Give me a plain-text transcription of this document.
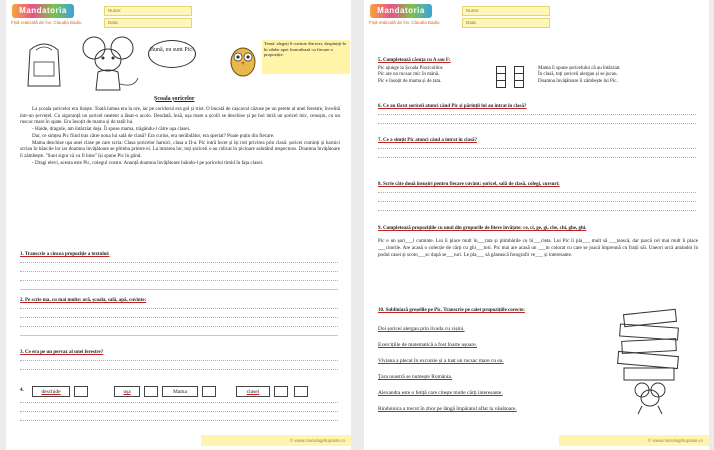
Mandatoria
Fișă realizată de înv. Claudia Badiu
Nume:
Data:
Bună, eu sunt Pic!
Temă: alegeți 6 cuvinte din text, despărțiți-le în silabe apoi formulează cu fiecare o propoziție.
Școala șoricelor

La școala șoricelor era liniște. Toată lumea era la ore, iar pe coridorul era gol și trist. O bucată de cașcaval căzuse pe un perete al unei ferestre, învelită într-un șervețel. Cu siguranță un șoricel neatent a lăsat-o acolo. Deodată, însă, ușa mare a școlii se deschise și pe hol intră un șoricel mic, cenușiu, cu un ruscac mare în spate. Era însoțit de mama și de tatăl lui.

- Haide, dragule, am întârziat deja. Îi spuse mama, trăgându-l către uşa clasei.

Dar, ce simțea Pic fiind tras către noua lui sală de clasă? Era curios, era nerăbdător, era speriat? Poate puțin din fiecare.

Mama deschise uşa unei clase pe care scria: Clasa șoricelor harnici, clasa a II-a. Pic intră încet și își roti privirea prin clasă: șoricei cuminți și harnici scriau în băncile lor iar doamna învățătoare se plimba printre ei. La intrarea lor, toți șoriceii s-au ridicat în picioare salutând respectuos. Doamna învățătoare îi zâmbește. "Sunt sigur că va fi bine" își spune Pic în gând.

- Dragi elevi, acesta este Pic, colegul vostru. Anunță doamna învățătoare luându-l pe șoricelul timid în fața clasei.

1. Transcrie a cincea propoziție a textului:
2. Pe scrie ma, cu mai multe: oră, școala, sală, apă, cuvinte:
3. Ce era pe un pervaz al unei ferestre?
4.	deschide	ușa	Mama	clasei
© www.manolagritupaste.ro
Mandatoria
Fișă realizată de înv. Claudia Badiu
Nume:
Data:
5. Completează căsuța cu A sau F:
Pic ajunge la Școala Piscicolilor.	Mama îi spune șoricelului că au întârziat.
Pic are un rucsac mic în mână.	În clasă, toți șoriceii alergau și se jucau.
Pic e însoțit de mama și de tata.	Doamna învățătoare îi zâmbește lui Pic.
6. Ce au făcut șoriceii atunci când Pic și părinții lui au intrat în clasă?
7. Ce a simțit Pic atunci când a intrat în clasă?
8. Scrie câte două însușiri pentru fiecare cuvânt: șoricel, sală de clasă, colegi, cursuri:
9. Completează propozițiile cu unul din grupurile de litere învățate: ce, ci, ge, gi, che, chi, ghe, ghi.
Pic e un șori___l cuminte. Lui îi place mult în___tata și plimbările cu bi___cleta. Lui Pic îi pla___ mult să ___tească, dar parcă cel mai mult îi place ___citorile. Are acasă o colecție de cărți cu ghi___tori. Pic mai are acasă un ___m colorat cu care se joacă împreună cu frații săi. Uneori urcă amândoi în podul casei și scoto___sc după se___turi. Le pla___ să găsească fotografii ve___ și interesante.
10. Subliniază greșelile pe Pic. Transcrie pe caiet propozițiile corecte:
Doi șoricei alergau prin livada cu vișini.
Exercițiile de matematică a fost foarte ușoare.
Viviana a plecat în excursie și a luat un rucsac mare cu ea.
Țara noastră se numește România.
Alexandra este o fetiță care citește multe cărți interesante.
Rinduinica a trecut în zbor pe lângă împăratul aflat la vânătoare.
© www.manolagritupaste.ro
